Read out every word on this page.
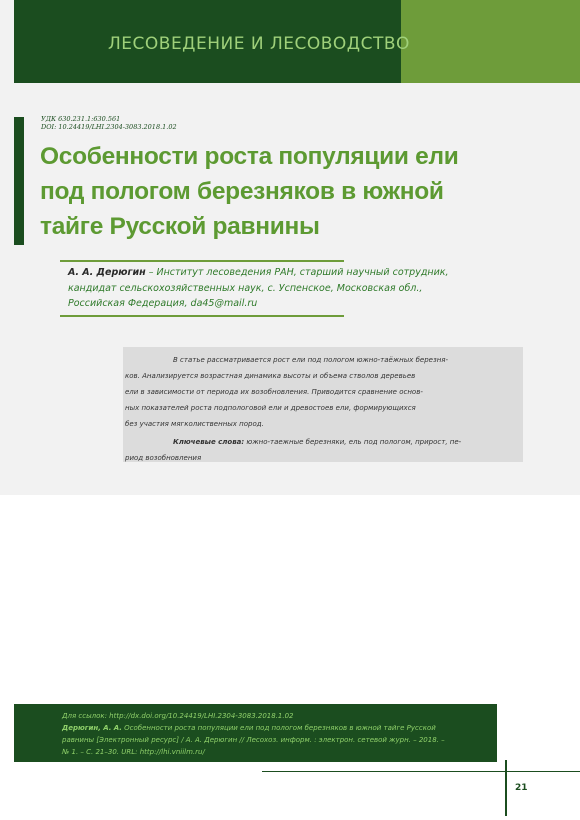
ЛЕСОВЕДЕНИЕ И ЛЕСОВОДСТВО
УДК 630.231.1:630.561
DOI: 10.24419/LHI.2304-3083.2018.1.02
Особенности роста популяции ели
под пологом березняков в южной
тайге Русской равнины
А. А. Дерюгин – Институт лесоведения РАН, старший научный сотрудник,
кандидат сельскохозяйственных наук, с. Успенское, Московская обл.,
Российская Федерация, da45@mail.ru
В статье рассматривается рост ели под пологом южно-таёжных березня-
ков. Анализируется возрастная динамика высоты и объема стволов деревьев
ели в зависимости от периода их возобновления. Приводится сравнение основ-
ных показателей роста подпологовой ели и древостоев ели, формирующихся
без участия мягколиственных пород.
Ключевые слова: южно-таежные березняки, ель под пологом, прирост, пе-
риод возобновления
Для ссылок: http://dx.doi.org/10.24419/LHI.2304-3083.2018.1.02
Дерюгин, А. А. Особенности роста популяции ели под пологом березняков в южной тайге Русской
равнины [Электронный ресурс] / А. А. Дерюгин // Лесохоз. информ. : электрон. сетевой журн. – 2018. –
№ 1. – С. 21–30. URL: http://lhi.vniilm.ru/
21
